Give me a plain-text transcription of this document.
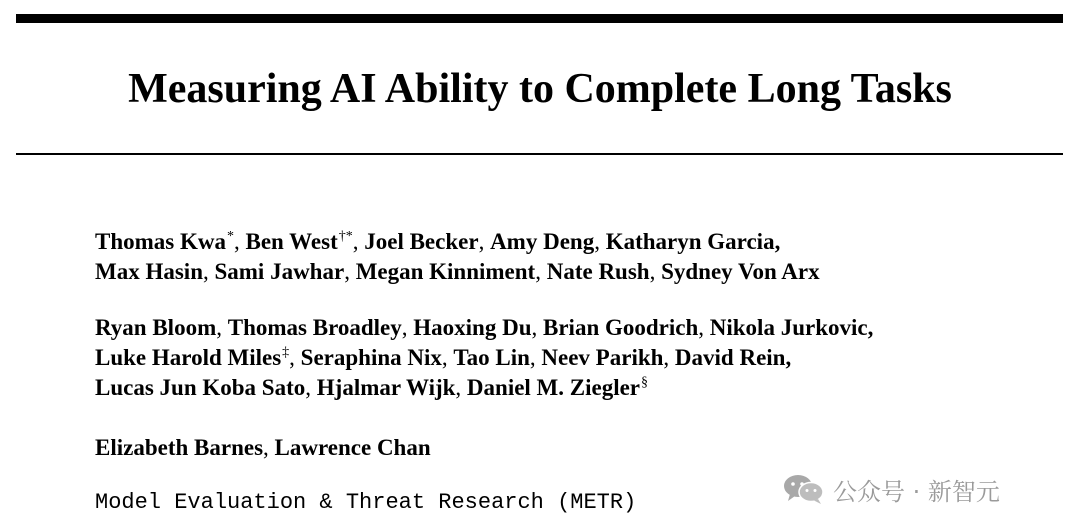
Measuring AI Ability to Complete Long Tasks
Thomas Kwa*, Ben West†*, Joel Becker, Amy Deng, Katharyn Garcia,
Max Hasin, Sami Jawhar, Megan Kinniment, Nate Rush, Sydney Von Arx
Ryan Bloom, Thomas Broadley, Haoxing Du, Brian Goodrich, Nikola Jurkovic,
Luke Harold Miles‡, Seraphina Nix, Tao Lin, Neev Parikh, David Rein,
Lucas Jun Koba Sato, Hjalmar Wijk, Daniel M. Ziegler§
Elizabeth Barnes, Lawrence Chan
Model Evaluation & Threat Research (METR)	公众号 · 新智元
